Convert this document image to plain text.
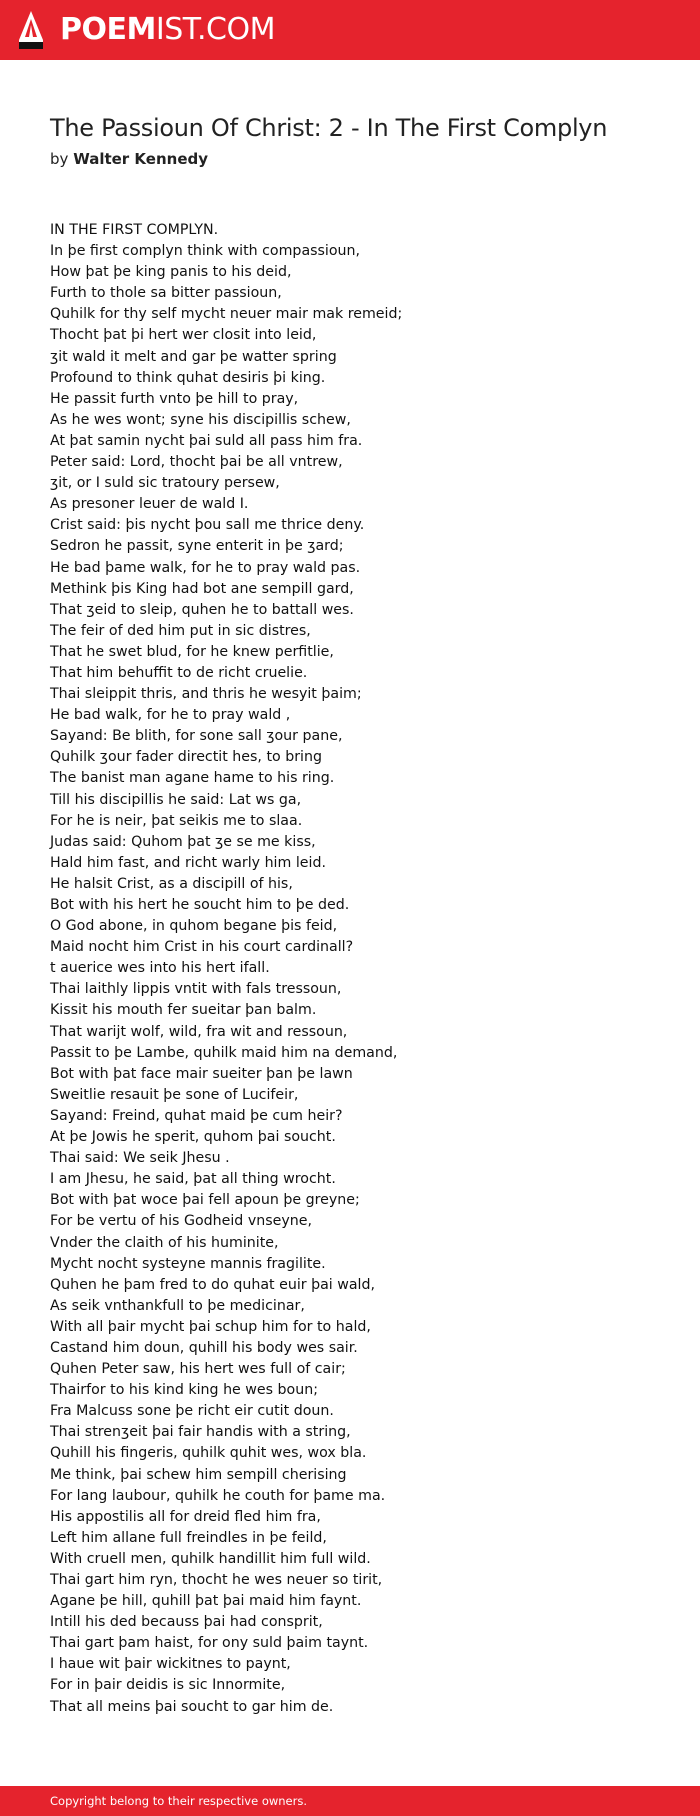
POEMIST.COM
The Passioun Of Christ: 2 - In The First Complyn
by Walter Kennedy
IN THE FIRST COMPLYN.
In þe first complyn think with compassioun,
How þat þe king panis to his deid,
Furth to thole sa bitter passioun,
Quhilk for thy self mycht neuer mair mak remeid;
Thocht þat þi hert wer closit into leid,
ʒit wald it melt and gar þe watter spring
Profound to think quhat desiris þi king.
He passit furth vnto þe hill to pray,
As he wes wont; syne his discipillis schew,
At þat samin nycht þai suld all pass him fra.
Peter said: Lord, thocht þai be all vntrew,
ʒit, or I suld sic tratoury persew,
As presoner leuer de wald I.
Crist said: þis nycht þou sall me thrice deny.
Sedron he passit, syne enterit in þe ʒard;
He bad þame walk, for he to pray wald pas.
Methink þis King had bot ane sempill gard,
That ʒeid to sleip, quhen he to battall wes.
The feir of ded him put in sic distres,
That he swet blud, for he knew perfitlie,
That him behuffit to de richt cruelie.
Thai sleippit thris, and thris he wesyit þaim;
He bad walk, for he to pray wald ,
Sayand: Be blith, for sone sall ʒour pane,
Quhilk ʒour fader directit hes, to bring
The banist man agane hame to his ring.
Till his discipillis he said: Lat ws ga,
For he is neir, þat seikis me to slaa.
Judas said: Quhom þat ʒe se me kiss,
Hald him fast, and richt warly him leid.
He halsit Crist, as a discipill of his,
Bot with his hert he soucht him to þe ded.
O God abone, in quhom begane þis feid,
Maid nocht him Crist in his court cardinall?
t auerice wes into his hert ifall.
Thai laithly lippis vntit with fals tressoun,
Kissit his mouth fer sueitar þan balm.
That warijt wolf, wild, fra wit and ressoun,
Passit to þe Lambe, quhilk maid him na demand,
Bot with þat face mair sueiter þan þe lawn
Sweitlie resauit þe sone of Lucifeir,
Sayand: Freind, quhat maid þe cum heir?
At þe Jowis he sperit, quhom þai soucht.
Thai said: We seik Jhesu .
I am Jhesu, he said, þat all thing wrocht.
Bot with þat woce þai fell apoun þe greyne;
For be vertu of his Godheid vnseyne,
Vnder the claith of his huminite,
Mycht nocht systeyne mannis fragilite.
Quhen he þam fred to do quhat euir þai wald,
As seik vnthankfull to þe medicinar,
With all þair mycht þai schup him for to hald,
Castand him doun, quhill his body wes sair.
Quhen Peter saw, his hert wes full of cair;
Thairfor to his kind king he wes boun;
Fra Malcuss sone þe richt eir cutit doun.
Thai strenʒeit þai fair handis with a string,
Quhill his fingeris, quhilk quhit wes, wox bla.
Me think, þai schew him sempill cherising
For lang laubour, quhilk he couth for þame ma.
His appostilis all for dreid fled him fra,
Left him allane full freindles in þe feild,
With cruell men, quhilk handillit him full wild.
Thai gart him ryn, thocht he wes neuer so tirit,
Agane þe hill, quhill þat þai maid him faynt.
Intill his ded becauss þai had consprit,
Thai gart þam haist, for ony suld þaim taynt.
I haue wit þair wickitnes to paynt,
For in þair deidis is sic Innormite,
That all meins þai soucht to gar him de.
Copyright belong to their respective owners.
